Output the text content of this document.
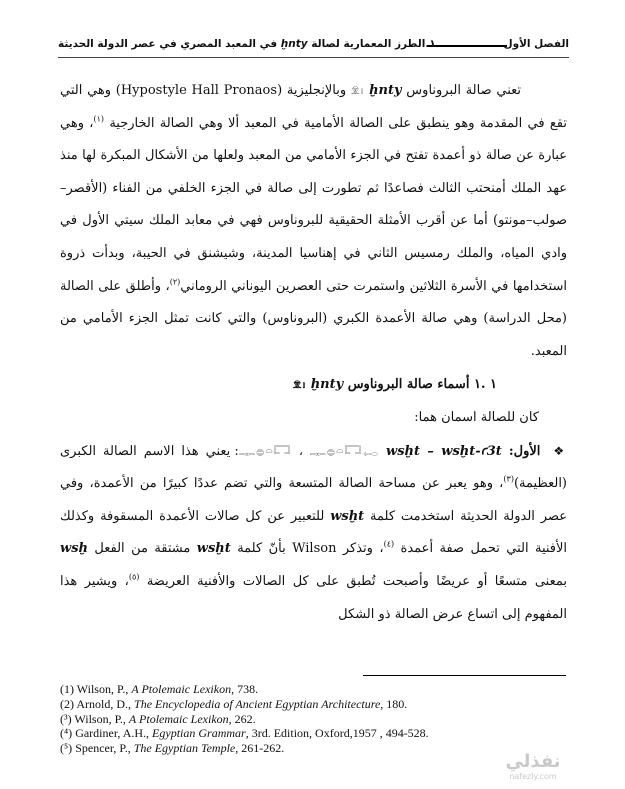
الفصل الأول
١.الطرز المعمارية لصالة ḫnty في المعبد المصري في عصر الدولة الحديثة

تعني صالة البروناوس 𓁷𓏤 ḫnty وبالإنجليزية (Hypostyle Hall Pronaos) وهي التي تقع في المقدمة وهو ينطبق على الصالة الأمامية في المعبد ألا وهي الصالة الخارجية $^{(١)}$، وهي عبارة عن صالة ذو أعمدة تفتح في الجزء الأمامي من المعبد ولعلها من الأشكال المبكرة لها منذ عهد الملك أمنحتب الثالث فصاعدًا ثم تطورت إلى صالة في الجزء الخلفي من الفناء (الأقصر– صولب–مونتو) أما عن أقرب الأمثلة الحقيقية للبروناوس فهي في معابد الملك سيتي الأول في وادي المياه، والملك رمسيس الثاني في إهناسيا المدينة، وشيشنق في الحيبة، وبدأت ذروة استخدامها في الأسرة الثلاثين واستمرت حتى العصرين اليوناني الروماني$^{(٢)}$، وأطلق على الصالة (محل الدراسة) وهي صالة الأعمدة الكبري (البروناوس) والتي كانت تمثل الجزء الأمامي من المعبد.

١ .١ أسماء صالة البروناوس 𓁷𓏤 ḫnty

كان للصالة اسمان هما:

❖ الأول: 𓊃𓐍𓏏𓉐 ، 𓊃𓐍𓏏𓉐𓉻 wsḫt – wsḫt-ꜥ3t: يعني هذا الاسم الصالة الكبرى (العظيمة)$^{(٣)}$، وهو يعبر عن مساحة الصالة المتسعة والتي تضم عددًا كبيرًا من الأعمدة، وفي عصر الدولة الحديثة استخدمت كلمة wsḫt للتعبير عن كل صالات الأعمدة المسقوفة وكذلك الأفنية التي تحمل صفة أعمدة $^{(٤)}$، وتذكر Wilson بأنّ كلمة wsḫt مشتقة من الفعل wsḫ بمعنى متسعًا أو عريضًا وأصبحت تُطبق على كل الصالات والأفنية العريضة $^{(٥)}$، ويشير هذا المفهوم إلى اتساع عرض الصالة ذو الشكل

(1) Wilson, P., A Ptolemaic Lexikon, 738.

(2) Arnold, D., The Encyclopedia of Ancient Egyptian Architecture, 180.

(³) Wilson, P., A Ptolemaic Lexikon, 262.

(⁴) Gardiner, A.H., Egyptian Grammar, 3rd. Edition, Oxford,1957 , 494-528.

(⁵) Spencer, P., The Egyptian Temple, 261-262.

نفذلي
nafezly.com
